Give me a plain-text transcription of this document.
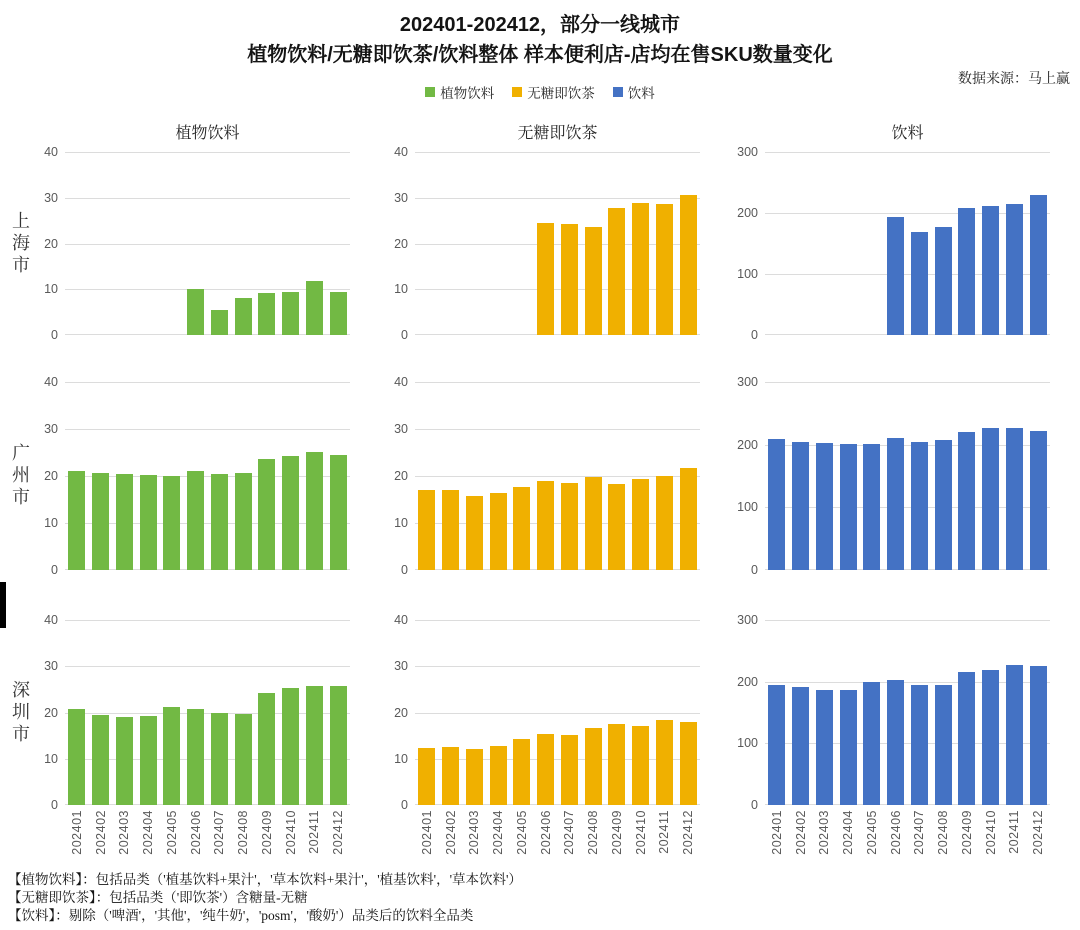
202401-202412，部分一线城市
植物饮料/无糖即饮茶/饮料整体 样本便利店-店均在售SKU数量变化
数据来源：马上赢
植物饮料 无糖即饮茶 饮料
植物饮料	无糖即饮茶	饮料
上海市
广州市
深圳市
0
10
20
30
40
0
10
20
30
40
0
100
200
300
0
10
20
30
40
0
10
20
30
40
0
100
200
300
0
10
20
30
40
202401 202402 202403 202404 202405 202406 202407 202408 202409 202410 202411 202412
0
10
20
30
40
202401 202402 202403 202404 202405 202406 202407 202408 202409 202410 202411 202412
0
100
200
300
202401 202402 202403 202404 202405 202406 202407 202408 202409 202410 202411 202412
【植物饮料】：包括品类（'植基饮料+果汁'，'草本饮料+果汁'，'植基饮料'，'草本饮料'）
【无糖即饮茶】：包括品类（'即饮茶'）含糖量-无糖
【饮料】：剔除（'啤酒'，'其他'，'纯牛奶'，'posm'，'酸奶'）品类后的饮料全品类
